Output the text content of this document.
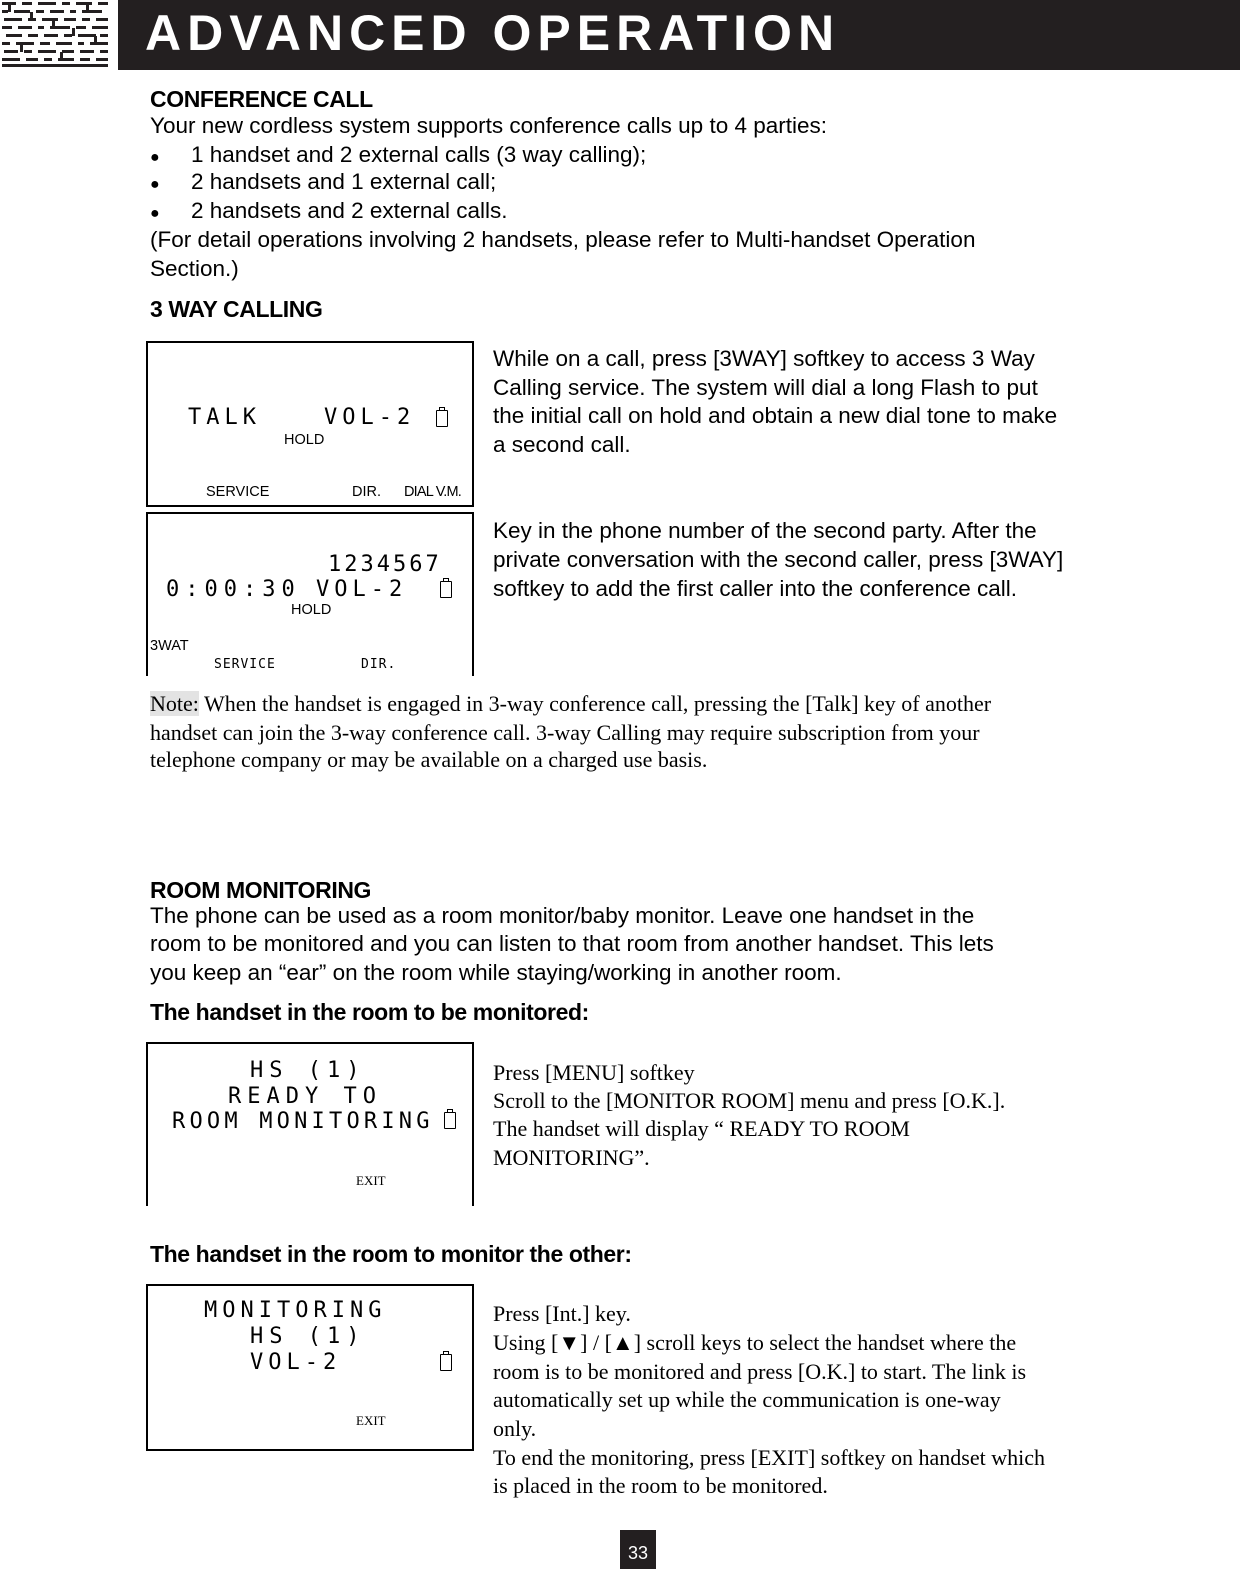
ADVANCED OPERATION
CONFERENCE CALL
Your new cordless system supports conference calls up to 4 parties:
● 1 handset and 2 external calls (3 way calling);
● 2 handsets and 1 external call;
● 2 handsets and 2 external calls.
(For detail operations involving 2 handsets, please refer to Multi-handset Operation
Section.)
3 WAY CALLING
TALK	VOL-2
HOLD
SERVICE	DIR. DIAL V.M.
1234567
0:00:30 VOL-2
HOLD
3WAT
SERVICE	DIR.
While on a call, press [3WAY] softkey to access 3 Way
Calling service. The system will dial a long Flash to put
the initial call on hold and obtain a new dial tone to make
a second call.
Key in the phone number of the second party. After the
private conversation with the second caller, press [3WAY]
softkey to add the first caller into the conference call.
Note: When the handset is engaged in 3-way conference call, pressing the [Talk] key of another
handset can join the 3-way conference call. 3-way Calling may require subscription from your
telephone company or may be available on a charged use basis.
ROOM MONITORING
The phone can be used as a room monitor/baby monitor. Leave one handset in the
room to be monitored and you can listen to that room from another handset. This lets
you keep an “ear” on the room while staying/working in another room.
The handset in the room to be monitored:
HS (1)
READY TO
ROOM MONITORING
EXIT
Press [MENU] softkey
Scroll to the [MONITOR ROOM] menu and press [O.K.].
The handset will display “ READY TO ROOM
MONITORING”.
The handset in the room to monitor the other:
MONITORING
HS (1)
VOL-2
EXIT
Press [Int.] key.
Using [▼] / [▲] scroll keys to select the handset where the
room is to be monitored and press [O.K.] to start. The link is
automatically set up while the communication is one-way
only.
To end the monitoring, press [EXIT] softkey on handset which
is placed in the room to be monitored.
33
